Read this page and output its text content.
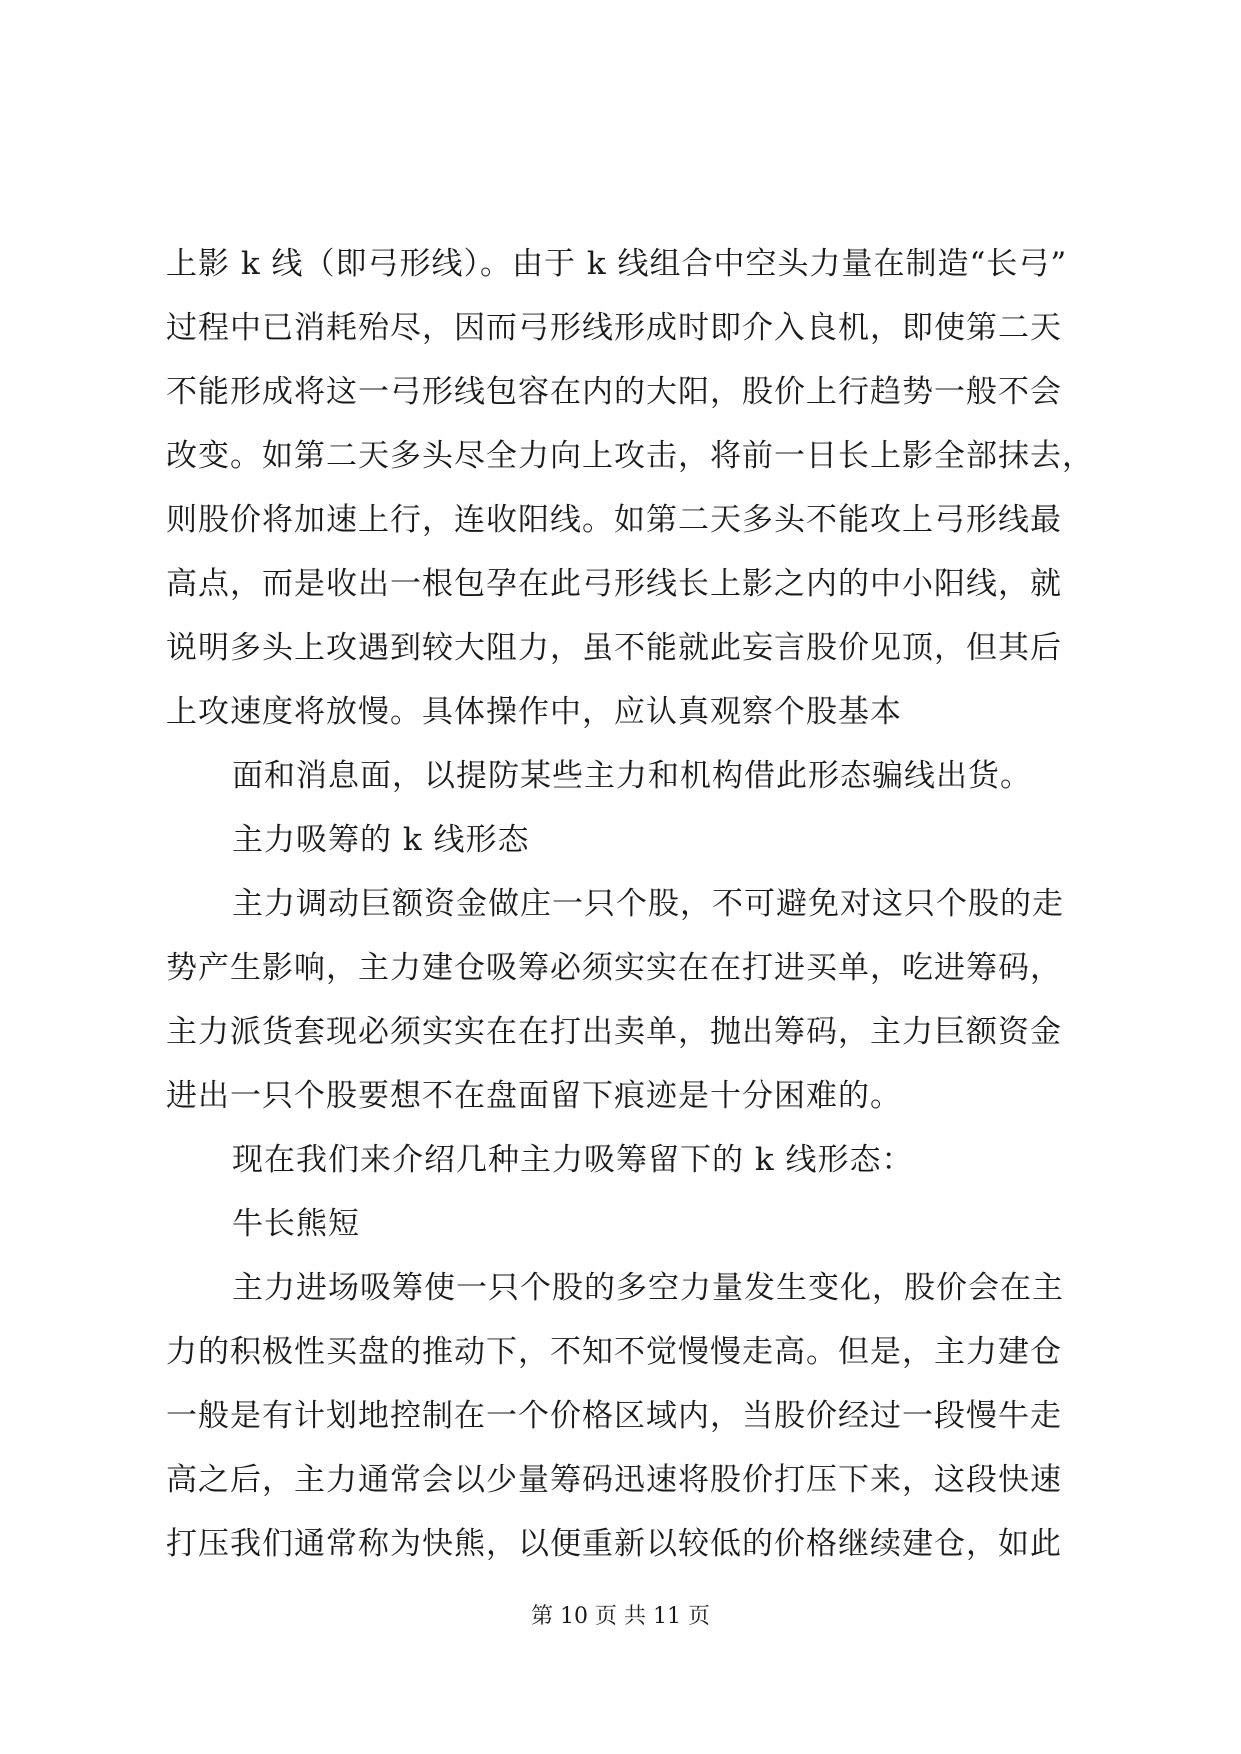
上影 k 线（即弓形线）。由于 k 线组合中空头力量在制造“长弓”
过程中已消耗殆尽，因而弓形线形成时即介入良机，即使第二天
不能形成将这一弓形线包容在内的大阳，股价上行趋势一般不会
改变。如第二天多头尽全力向上攻击，将前一日长上影全部抹去，
则股价将加速上行，连收阳线。如第二天多头不能攻上弓形线最
高点，而是收出一根包孕在此弓形线长上影之内的中小阳线，就
说明多头上攻遇到较大阻力，虽不能就此妄言股价见顶，但其后
上攻速度将放慢。具体操作中，应认真观察个股基本
面和消息面，以提防某些主力和机构借此形态骗线出货。
主力吸筹的 k 线形态
主力调动巨额资金做庄一只个股，不可避免对这只个股的走
势产生影响，主力建仓吸筹必须实实在在打进买单，吃进筹码，
主力派货套现必须实实在在打出卖单，抛出筹码，主力巨额资金
进出一只个股要想不在盘面留下痕迹是十分困难的。
现在我们来介绍几种主力吸筹留下的 k 线形态：
牛长熊短
主力进场吸筹使一只个股的多空力量发生变化，股价会在主
力的积极性买盘的推动下，不知不觉慢慢走高。但是，主力建仓
一般是有计划地控制在一个价格区域内，当股价经过一段慢牛走
高之后，主力通常会以少量筹码迅速将股价打压下来，这段快速
打压我们通常称为快熊，以便重新以较低的价格继续建仓，如此
第 10 页 共 11 页
